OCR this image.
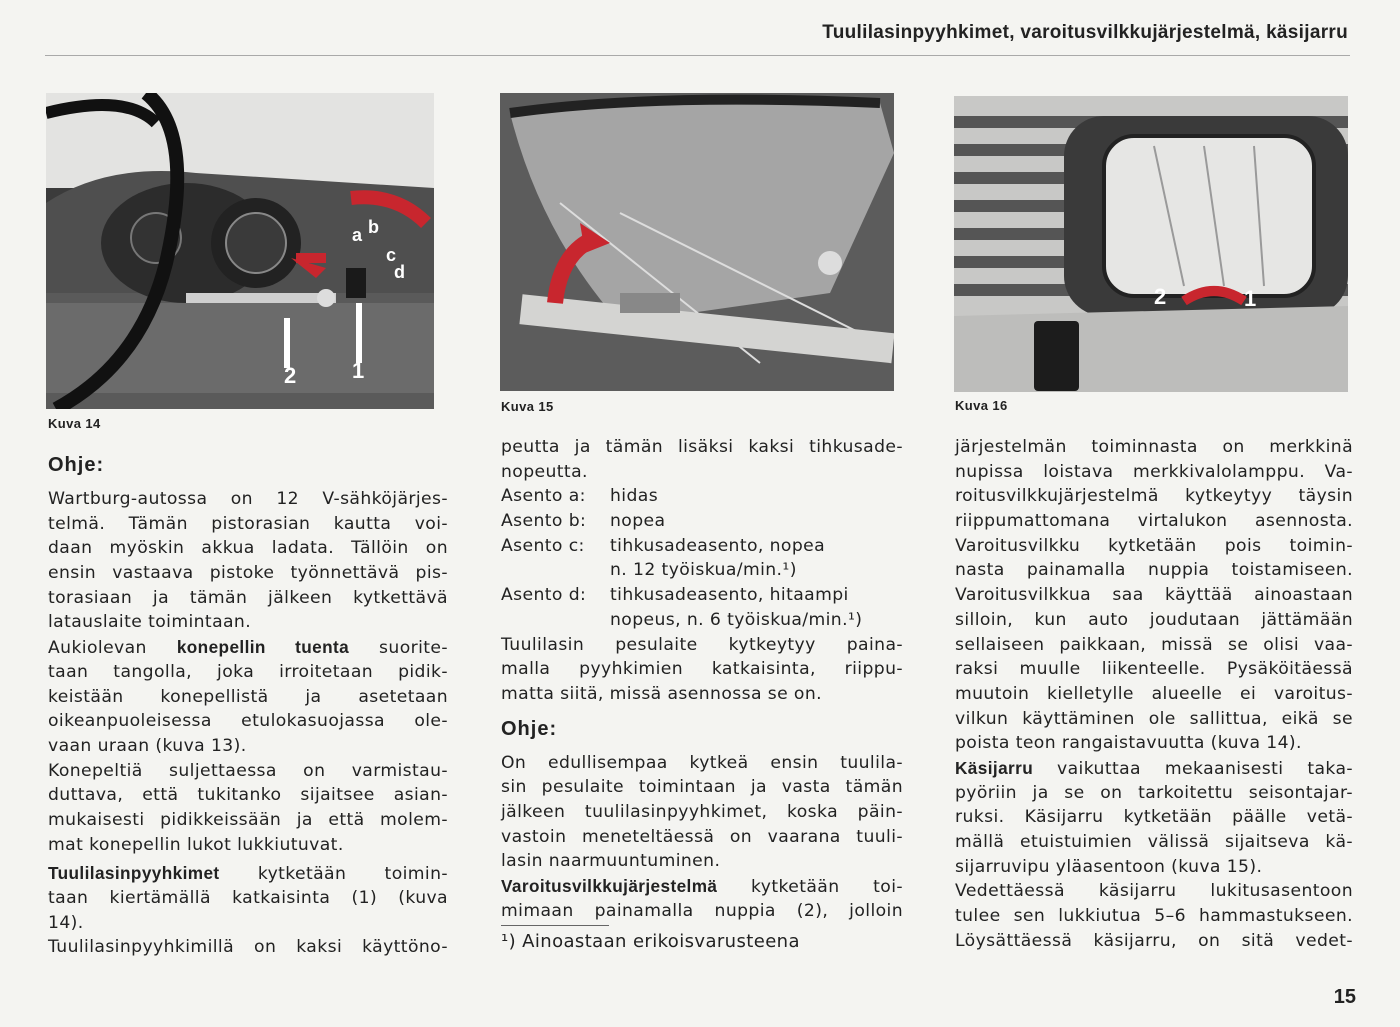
Tuulilasinpyyhkimet, varoitusvilkkujärjestelmä, käsijarru
2	1
a b
c
d
Kuva 14
Kuva 15
2	1
Kuva 16
Ohje:
Wartburg-autossa on 12 V-sähköjärjes-
telmä. Tämän pistorasian kautta voi-
daan myöskin akkua ladata. Tällöin on
ensin vastaava pistoke työnnettävä pis-
torasiaan ja tämän jälkeen kytkettävä
latauslaite toimintaan.
Aukiolevan konepellin tuenta suorite-
taan tangolla, joka irroitetaan pidik-
keistään konepellistä ja asetetaan
oikeanpuoleisessa etulokasuojassa ole-
vaan uraan (kuva 13).
Konepeltiä suljettaessa on varmistau-
duttava, että tukitanko sijaitsee asian-
mukaisesti pidikkeissään ja että molem-
mat konepellin lukot lukkiutuvat.
Tuulilasinpyyhkimet kytketään toimin-
taan kiertämällä katkaisinta (1) (kuva
14).
Tuulilasinpyyhkimillä on kaksi käyttöno-
peutta ja tämän lisäksi kaksi tihkusade-
nopeutta.
Asento a:	hidas
Asento b:	nopea
Asento c:	tihkusadeasento, nopea
n. 12 työiskua/min.¹)
Asento d:	tihkusadeasento, hitaampi
nopeus, n. 6 työiskua/min.¹)
Tuulilasin pesulaite kytkeytyy paina-
malla pyyhkimien katkaisinta, riippu-
matta siitä, missä asennossa se on.
Ohje:
On edullisempaa kytkeä ensin tuulila-
sin pesulaite toimintaan ja vasta tämän
jälkeen tuulilasinpyyhkimet, koska päin-
vastoin meneteltäessä on vaarana tuuli-
lasin naarmuuntuminen.
Varoitusvilkkujärjestelmä kytketään toi-
mimaan painamalla nuppia (2), jolloin
¹) Ainoastaan erikoisvarusteena
järjestelmän toiminnasta on merkkinä
nupissa loistava merkkivalolamppu. Va-
roitusvilkkujärjestelmä kytkeytyy täysin
riippumattomana virtalukon asennosta.
Varoitusvilkku kytketään pois toimin-
nasta painamalla nuppia toistamiseen.
Varoitusvilkkua saa käyttää ainoastaan
silloin, kun auto joudutaan jättämään
sellaiseen paikkaan, missä se olisi vaa-
raksi muulle liikenteelle. Pysäköitäessä
muutoin kielletylle alueelle ei varoitus-
vilkun käyttäminen ole sallittua, eikä se
poista teon rangaistavuutta (kuva 14).
Käsijarru vaikuttaa mekaanisesti taka-
pyöriin ja se on tarkoitettu seisontajar-
ruksi. Käsijarru kytketään päälle vetä-
mällä etuistuimien välissä sijaitseva kä-
sijarruvipu yläasentoon (kuva 15).
Vedettäessä käsijarru lukitusasentoon
tulee sen lukkiutua 5–6 hammastukseen.
Löysättäessä käsijarru, on sitä vedet-
15
